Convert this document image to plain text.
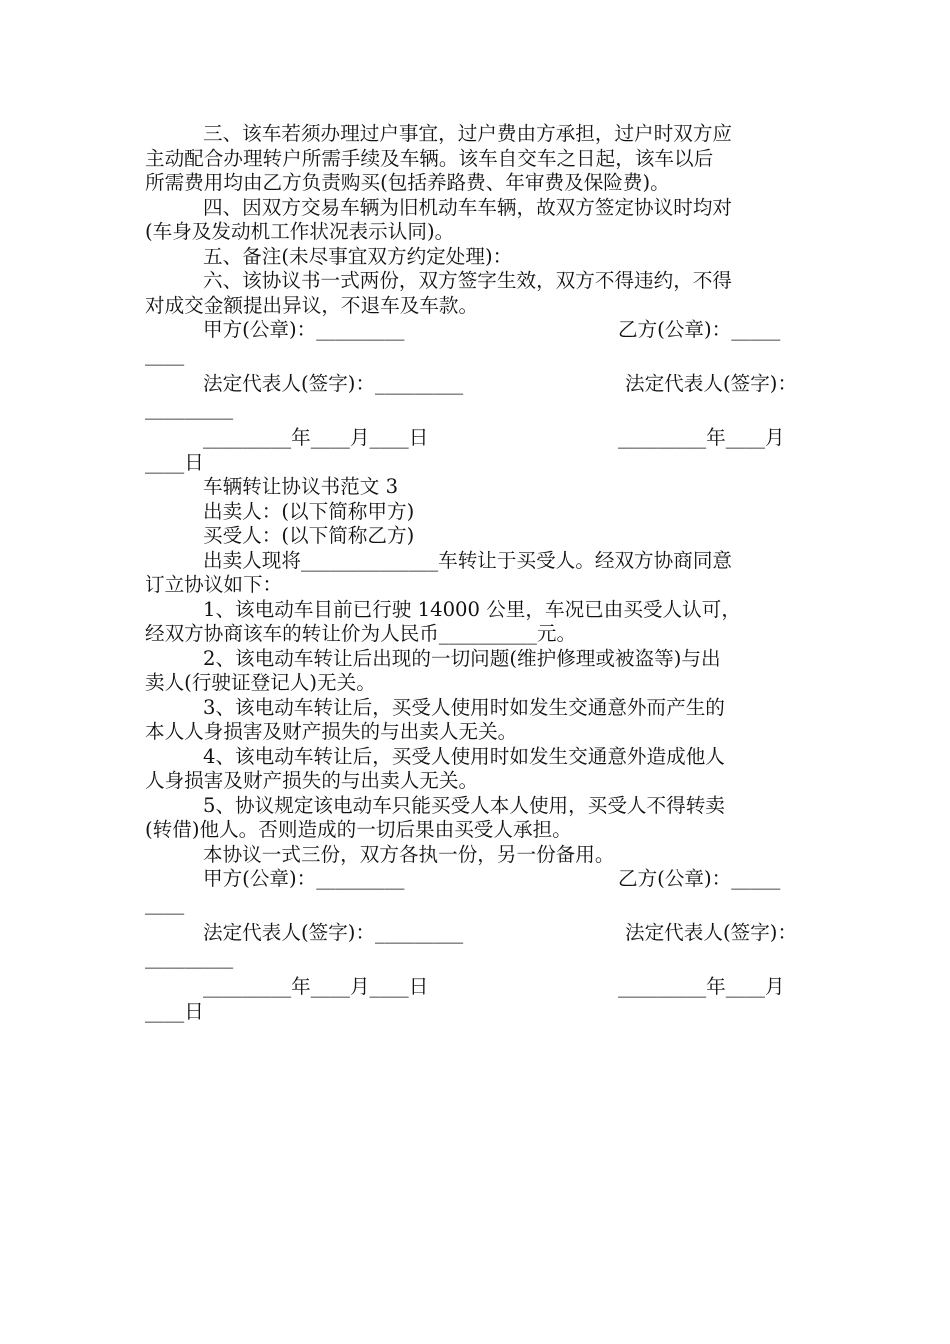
三、该车若须办理过户事宜，过户费由方承担，过户时双方应
主动配合办理转户所需手续及车辆。该车自交车之日起，该车以后
所需费用均由乙方负责购买(包括养路费、年审费及保险费)。
四、因双方交易车辆为旧机动车车辆，故双方签定协议时均对
(车身及发动机工作状况表示认同)。
五、备注(未尽事宜双方约定处理)：
六、该协议书一式两份，双方签字生效，双方不得违约，不得
对成交金额提出异议，不退车及车款。
甲方(公章)：_________	乙方(公章)：_____
____
法定代表人(签字)：_________	法定代表人(签字)：
_________
_________年____月____日	_________年____月
____日
车辆转让协议书范文 3
出卖人：(以下简称甲方)
买受人：(以下简称乙方)
出卖人现将______________车转让于买受人。经双方协商同意
订立协议如下：
1、该电动车目前已行驶 14000 公里，车况已由买受人认可，
经双方协商该车的转让价为人民币__________元。
2、该电动车转让后出现的一切问题(维护修理或被盗等)与出
卖人(行驶证登记人)无关。
3、该电动车转让后，买受人使用时如发生交通意外而产生的
本人人身损害及财产损失的与出卖人无关。
4、该电动车转让后，买受人使用时如发生交通意外造成他人
人身损害及财产损失的与出卖人无关。
5、协议规定该电动车只能买受人本人使用，买受人不得转卖
(转借)他人。否则造成的一切后果由买受人承担。
本协议一式三份，双方各执一份，另一份备用。
甲方(公章)：_________	乙方(公章)：_____
____
法定代表人(签字)：_________	法定代表人(签字)：
_________
_________年____月____日	_________年____月
____日
